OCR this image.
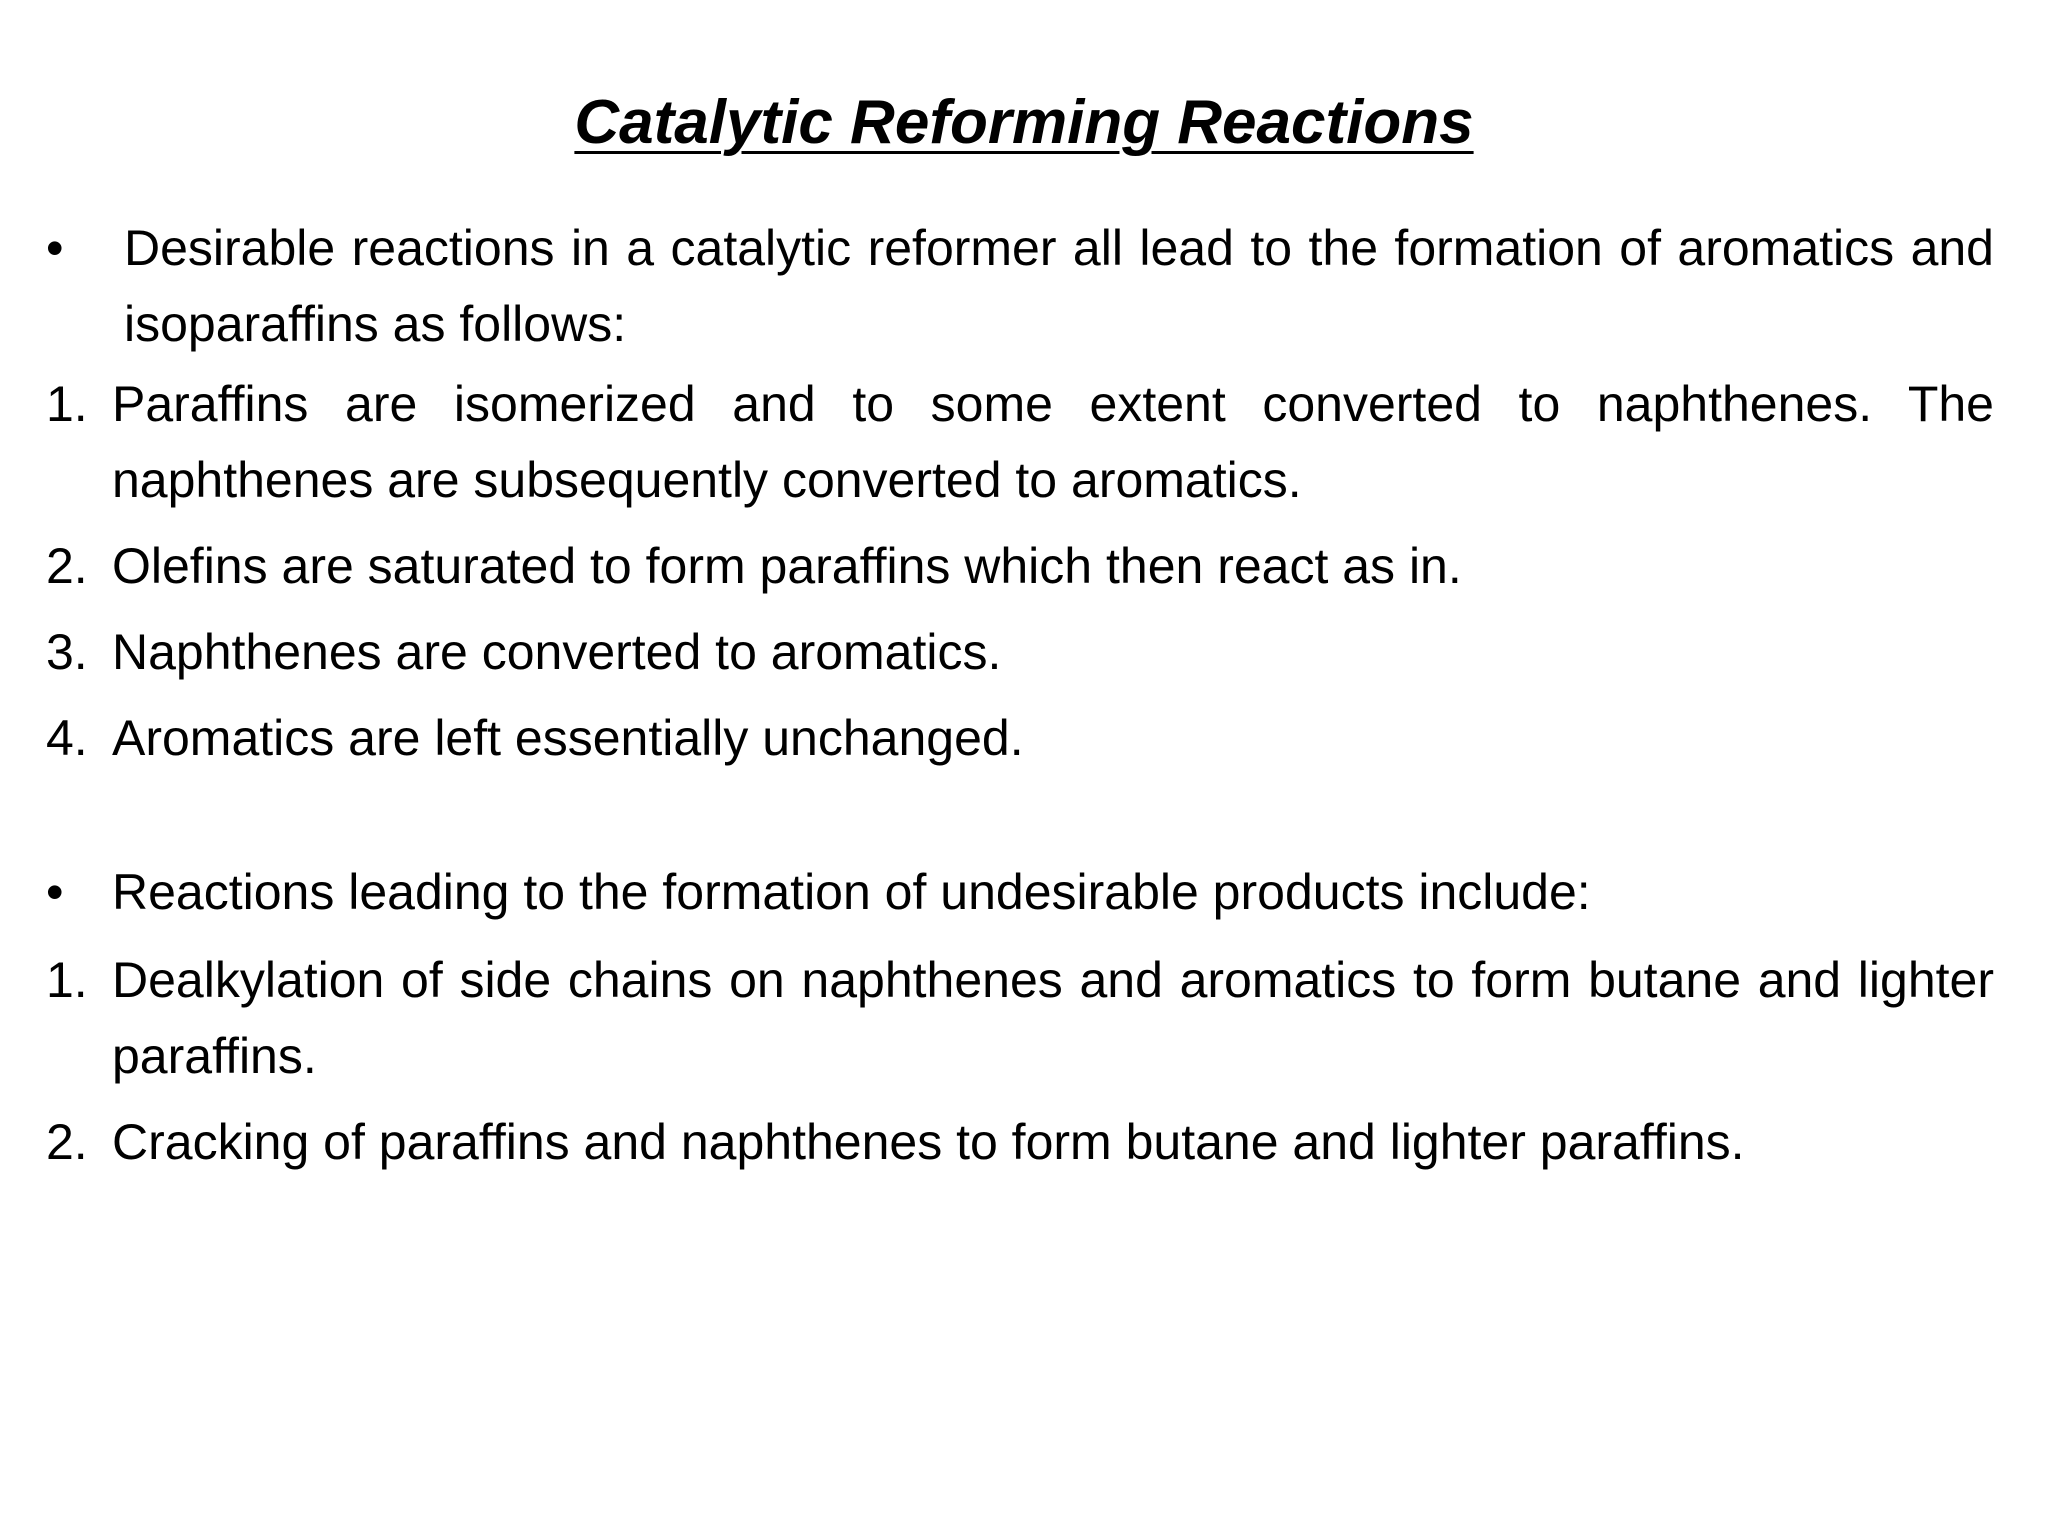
Catalytic Reforming Reactions

• Desirable reactions in a catalytic reformer all lead to the formation of aromatics and isoparaffins as follows:

1. Paraffins are isomerized and to some extent converted to naphthenes. The naphthenes are subsequently converted to aromatics.

2. Olefins are saturated to form paraffins which then react as in.

3. Naphthenes are converted to aromatics.

4. Aromatics are left essentially unchanged.

• Reactions leading to the formation of undesirable products include:

1. Dealkylation of side chains on naphthenes and aromatics to form butane and lighter paraffins.

2. Cracking of paraffins and naphthenes to form butane and lighter paraffins.
